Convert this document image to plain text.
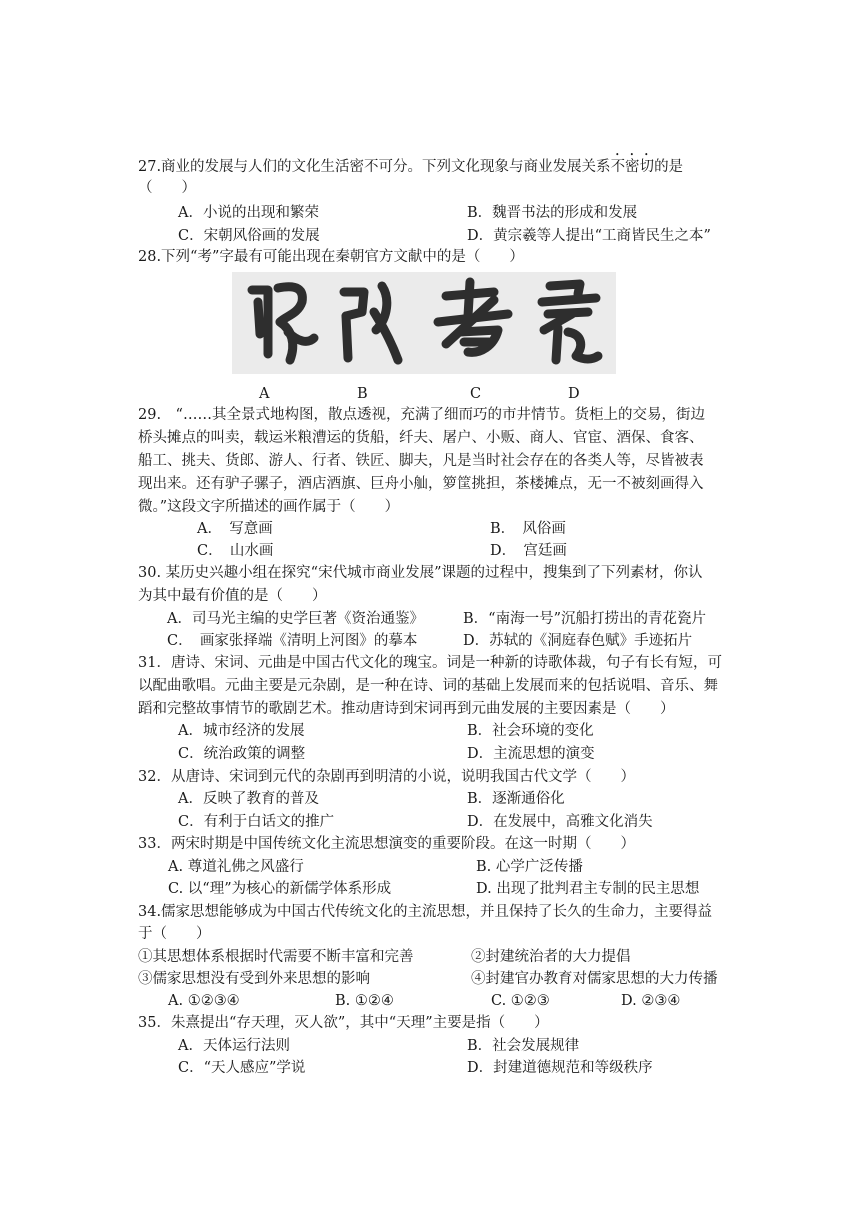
27.商业的发展与人们的文化生活密不可分。下列文化现象与商业发展关系不密切的是
（　　）
A．小说的出现和繁荣	B．魏晋书法的形成和发展
C．宋朝风俗画的发展	D．黄宗羲等人提出“工商皆民生之本”
28.下列“考”字最有可能出现在秦朝官方文献中的是（　　）
A	B	C	D
29.　“……其全景式地构图，散点透视，充满了细而巧的市井情节。货柜上的交易，街边
桥头摊点的叫卖，载运米粮漕运的货船，纤夫、屠户、小贩、商人、官宦、酒保、食客、
船工、挑夫、货郎、游人、行者、铁匠、脚夫，凡是当时社会存在的各类人等，尽皆被表
现出来。还有驴子骡子，酒店酒旗、巨舟小舢，箩筐挑担，茶楼摊点，无一不被刻画得入
微。”这段文字所描述的画作属于（　　）
A．　写意画	B．　风俗画
C．　山水画	D．　宫廷画
30. 某历史兴趣小组在探究“宋代城市商业发展”课题的过程中，搜集到了下列素材，你认
为其中最有价值的是（　　）
A．司马光主编的史学巨著《资治通鉴》	B．“南海一号”沉船打捞出的青花瓷片
C．　画家张择端《清明上河图》的摹本	D．苏轼的《洞庭春色赋》手迹拓片
31．唐诗、宋词、元曲是中国古代文化的瑰宝。词是一种新的诗歌体裁，句子有长有短，可
以配曲歌唱。元曲主要是元杂剧，是一种在诗、词的基础上发展而来的包括说唱、音乐、舞
蹈和完整故事情节的歌剧艺术。推动唐诗到宋词再到元曲发展的主要因素是（　　）
A．城市经济的发展	B．社会环境的变化
C．统治政策的调整	D．主流思想的演变
32．从唐诗、宋词到元代的杂剧再到明清的小说，说明我国古代文学（　　）
A．反映了教育的普及	B．逐渐通俗化
C．有利于白话文的推广	D．在发展中，高雅文化消失
33．两宋时期是中国传统文化主流思想演变的重要阶段。在这一时期（　　）
A. 尊道礼佛之风盛行	B. 心学广泛传播
C. 以“理”为核心的新儒学体系形成	D. 出现了批判君主专制的民主思想
34.儒家思想能够成为中国古代传统文化的主流思想，并且保持了长久的生命力，主要得益
于（　　）
①其思想体系根据时代需要不断丰富和完善	②封建统治者的大力提倡
③儒家思想没有受到外来思想的影响	④封建官办教育对儒家思想的大力传播
A. ①②③④	B. ①②④	C. ①②③	D. ②③④
35．朱熹提出“存天理，灭人欲”，其中“天理”主要是指（　　）
A．天体运行法则	B．社会发展规律
C．“天人感应”学说	D．封建道德规范和等级秩序
